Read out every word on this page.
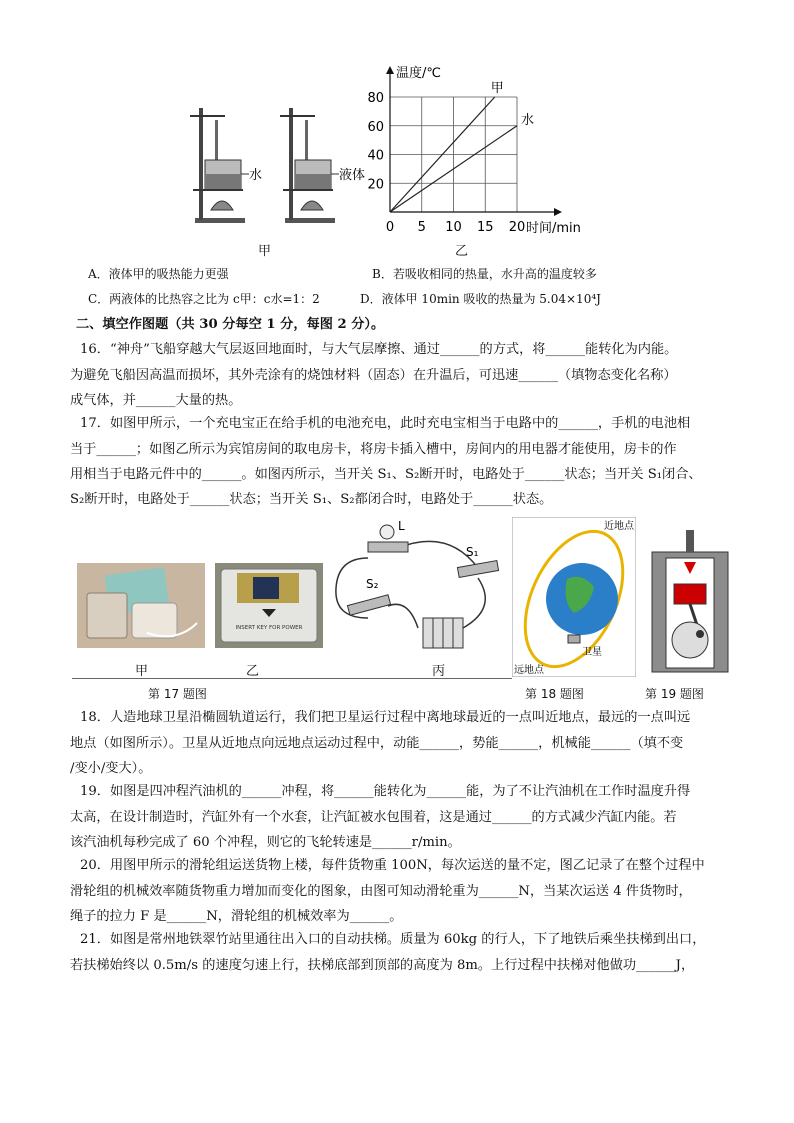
水	液体
甲
甲
水
0 5 10 15 20
20
40
60
80
温度/℃
时间/min
乙
A．液体甲的吸热能力更强	B．若吸收相同的热量，水升高的温度较多
C．两液体的比热容之比为 c甲：c水=1：2	D．液体甲 10min 吸收的热量为 5.04×10⁴J
二、填空作图题（共 30 分每空 1 分，每图 2 分）。
16．“神舟”飞船穿越大气层返回地面时，与大气层摩擦、通过______的方式，将______能转化为内能。
为避免飞船因高温而损坏，其外壳涂有的烧蚀材料（固态）在升温后，可迅速______（填物态变化名称）
成气体，并______大量的热。
17．如图甲所示，一个充电宝正在给手机的电池充电，此时充电宝相当于电路中的______，手机的电池相
当于______；如图乙所示为宾馆房间的取电房卡，将房卡插入槽中，房间内的用电器才能使用，房卡的作
用相当于电路元件中的______。如图丙所示，当开关 S₁、S₂断开时，电路处于______状态；当开关 S₁闭合、
S₂断开时，电路处于______状态；当开关 S₁、S₂都闭合时，电路处于______状态。
甲
INSERT KEY FOR POWER
乙
L
S₁
S₂
丙
近地点
远地点
卫星
第 17 题图	第 18 题图	第 19 题图
18．人造地球卫星沿椭圆轨道运行，我们把卫星运行过程中离地球最近的一点叫近地点，最远的一点叫远
地点（如图所示）。卫星从近地点向远地点运动过程中，动能______，势能______，机械能______（填不变
/变小/变大）。
19．如图是四冲程汽油机的______冲程，将______能转化为______能，为了不让汽油机在工作时温度升得
太高，在设计制造时，汽缸外有一个水套，让汽缸被水包围着，这是通过______的方式减少汽缸内能。若
该汽油机每秒完成了 60 个冲程，则它的飞轮转速是______r/min。
20．用图甲所示的滑轮组运送货物上楼，每件货物重 100N，每次运送的量不定，图乙记录了在整个过程中
滑轮组的机械效率随货物重力增加而变化的图象，由图可知动滑轮重为______N，当某次运送 4 件货物时，
绳子的拉力 F 是______N，滑轮组的机械效率为______。
21．如图是常州地铁翠竹站里通往出入口的自动扶梯。质量为 60kg 的行人，下了地铁后乘坐扶梯到出口，
若扶梯始终以 0.5m/s 的速度匀速上行，扶梯底部到顶部的高度为 8m。上行过程中扶梯对他做功______J，
